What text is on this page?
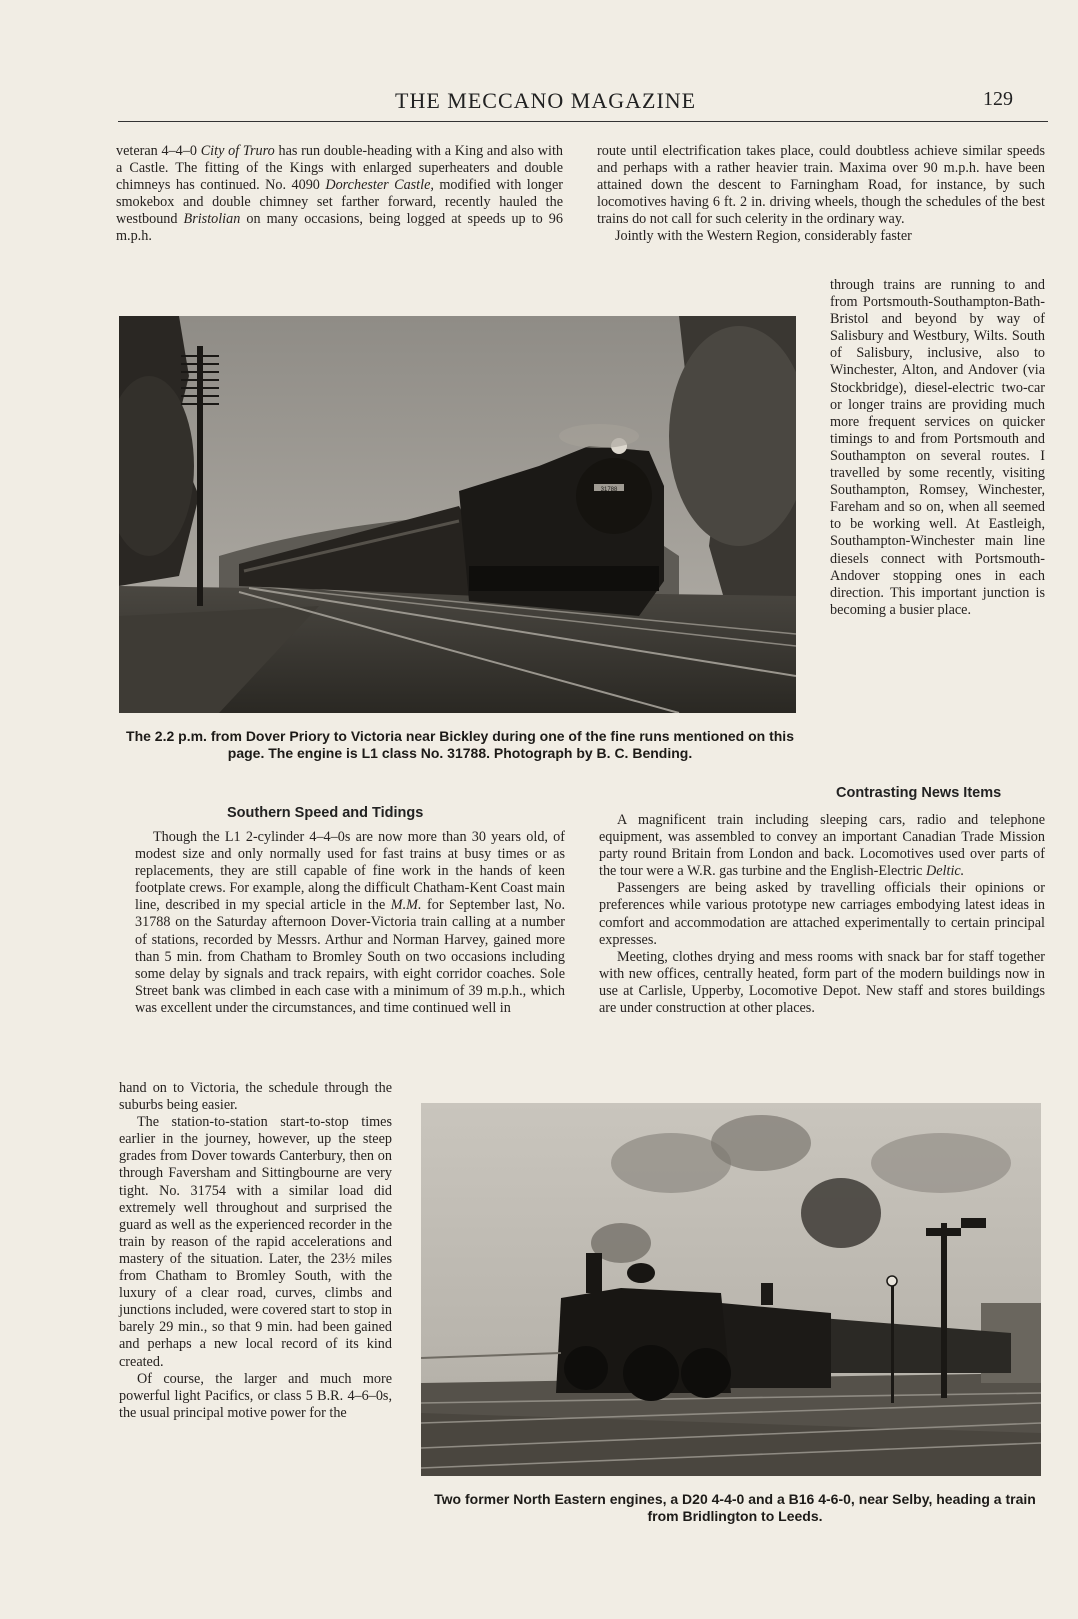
THE MECCANO MAGAZINE	129

veteran 4–4–0 City of Truro has run double-heading with a King and also with a Castle. The fitting of the Kings with enlarged superheaters and double chimneys has continued. No. 4090 Dorchester Castle, modified with longer smokebox and double chimney set farther forward, recently hauled the westbound Bristolian on many occasions, being logged at speeds up to 96 m.p.h.

route until electrification takes place, could doubtless achieve similar speeds and perhaps with a rather heavier train. Maxima over 90 m.p.h. have been attained down the descent to Farningham Road, for instance, by such locomotives having 6 ft. 2 in. driving wheels, though the schedules of the best trains do not call for such celerity in the ordinary way.

Jointly with the Western Region, considerably faster

through trains are running to and from Portsmouth-Southampton-Bath-Bristol and beyond by way of Salisbury and Westbury, Wilts. South of Salisbury, inclusive, also to Winchester, Alton, and Andover (via Stockbridge), diesel-electric two-car or longer trains are providing much more frequent services on quicker timings to and from Portsmouth and Southampton on several routes. I travelled by some recently, visiting Southampton, Romsey, Winchester, Fareham and so on, when all seemed to be working well. At Eastleigh, Southampton-Winchester main line diesels connect with Portsmouth-Andover stopping ones in each direction. This important junction is becoming a busier place.

31788
The 2.2 p.m. from Dover Priory to Victoria near Bickley during one of the fine runs mentioned on this page. The engine is L1 class No. 31788. Photograph by B. C. Bending.
Southern Speed and Tidings

Though the L1 2-cylinder 4–4–0s are now more than 30 years old, of modest size and only normally used for fast trains at busy times or as replacements, they are still capable of fine work in the hands of keen footplate crews. For example, along the difficult Chatham-Kent Coast main line, described in my special article in the M.M. for September last, No. 31788 on the Saturday afternoon Dover-Victoria train calling at a number of stations, recorded by Messrs. Arthur and Norman Harvey, gained more than 5 min. from Chatham to Bromley South on two occasions including some delay by signals and track repairs, with eight corridor coaches. Sole Street bank was climbed in each case with a minimum of 39 m.p.h., which was excellent under the circumstances, and time continued well in

hand on to Victoria, the schedule through the suburbs being easier.

The station-to-station start-to-stop times earlier in the journey, however, up the steep grades from Dover towards Canterbury, then on through Faversham and Sittingbourne are very tight. No. 31754 with a similar load did extremely well throughout and surprised the guard as well as the experienced recorder in the train by reason of the rapid accelerations and mastery of the situation. Later, the 23½ miles from Chatham to Bromley South, with the luxury of a clear road, curves, climbs and junctions included, were covered start to stop in barely 29 min., so that 9 min. had been gained and perhaps a new local record of its kind created.

Of course, the larger and much more powerful light Pacifics, or class 5 B.R. 4–6–0s, the usual principal motive power for the

Contrasting News Items

A magnificent train including sleeping cars, radio and telephone equipment, was assembled to convey an important Canadian Trade Mission party round Britain from London and back. Locomotives used over parts of the tour were a W.R. gas turbine and the English-Electric Deltic.

Passengers are being asked by travelling officials their opinions or preferences while various prototype new carriages embodying latest ideas in comfort and accommodation are attached experimentally to certain principal expresses.

Meeting, clothes drying and mess rooms with snack bar for staff together with new offices, centrally heated, form part of the modern buildings now in use at Carlisle, Upperby, Locomotive Depot. New staff and stores buildings are under construction at other places.

Two former North Eastern engines, a D20 4-4-0 and a B16 4-6-0, near Selby, heading a train from Bridlington to Leeds.
